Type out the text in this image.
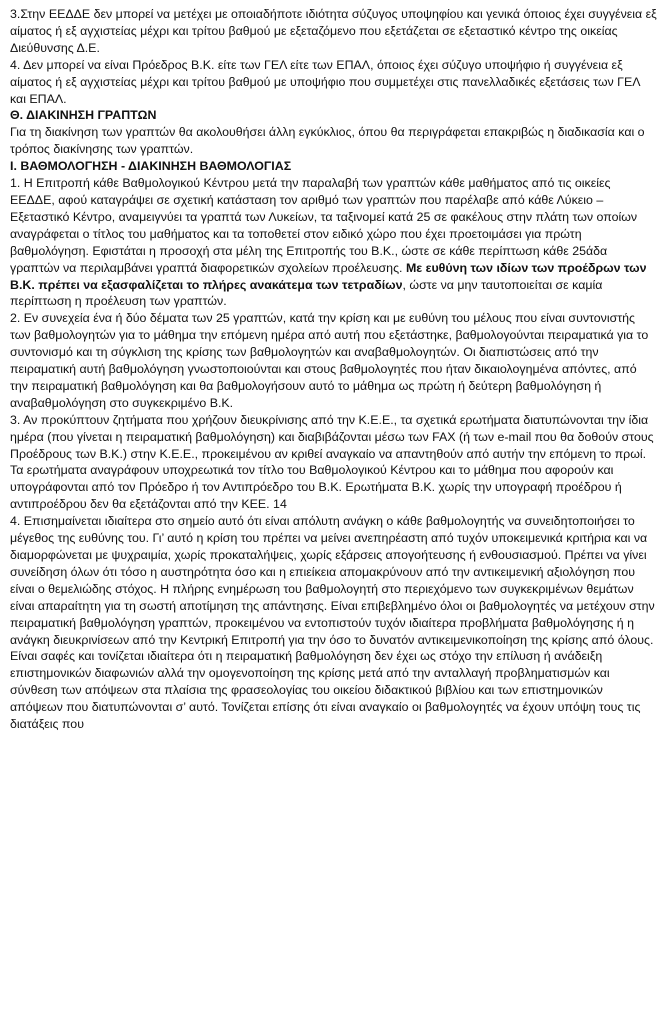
3.Στην ΕΕΔΔΕ δεν μπορεί να μετέχει με οποιαδήποτε ιδιότητα σύζυγος υποψηφίου και γενικά όποιος έχει συγγένεια εξ αίματος ή εξ αγχιστείας μέχρι και τρίτου βαθμού με εξεταζόμενο που εξετάζεται σε εξεταστικό κέντρο της οικείας Διεύθυνσης Δ.Ε.

4. Δεν μπορεί να είναι Πρόεδρος Β.Κ. είτε των ΓΕΛ είτε των ΕΠΑΛ, όποιος έχει σύζυγο υποψήφιο ή συγγένεια εξ αίματος ή εξ αγχιστείας μέχρι και τρίτου βαθμού με υποψήφιο που συμμετέχει στις πανελλαδικές εξετάσεις των ΓΕΛ και ΕΠΑΛ.

Θ. ΔΙΑΚΙΝΗΣΗ ΓΡΑΠΤΩΝ

Για τη διακίνηση των γραπτών θα ακολουθήσει άλλη εγκύκλιος, όπου θα περιγράφεται επακριβώς η διαδικασία και ο τρόπος διακίνησης των γραπτών.

Ι. ΒΑΘΜΟΛΟΓΗΣΗ - ΔΙΑΚΙΝΗΣΗ ΒΑΘΜΟΛΟΓΙΑΣ

1. Η Επιτροπή κάθε Βαθμολογικού Κέντρου μετά την παραλαβή των γραπτών κάθε μαθήματος από τις οικείες ΕΕΔΔΕ, αφού καταγράψει σε σχετική κατάσταση τον αριθμό των γραπτών που παρέλαβε από κάθε Λύκειο – Εξεταστικό Κέντρο, αναμειγνύει τα γραπτά των Λυκείων, τα ταξινομεί κατά 25 σε φακέλους στην πλάτη των οποίων αναγράφεται ο τίτλος του μαθήματος και τα τοποθετεί στον ειδικό χώρο που έχει προετοιμάσει για πρώτη βαθμολόγηση. Εφιστάται η προσοχή στα μέλη της Επιτροπής του Β.Κ., ώστε σε κάθε περίπτωση κάθε 25άδα γραπτών να περιλαμβάνει γραπτά διαφορετικών σχολείων προέλευσης. Με ευθύνη των ιδίων των προέδρων των Β.Κ. πρέπει να εξασφαλίζεται το πλήρες ανακάτεμα των τετραδίων, ώστε να μην ταυτοποιείται σε καμία περίπτωση η προέλευση των γραπτών.

2. Εν συνεχεία ένα ή δύο δέματα των 25 γραπτών, κατά την κρίση και με ευθύνη του μέλους που είναι συντονιστής των βαθμολογητών για το μάθημα την επόμενη ημέρα από αυτή που εξετάστηκε, βαθμολογούνται πειραματικά για το συντονισμό και τη σύγκλιση της κρίσης των βαθμολογητών και αναβαθμολογητών. Οι διαπιστώσεις από την πειραματική αυτή βαθμολόγηση γνωστοποιούνται και στους βαθμολογητές που ήταν δικαιολογημένα απόντες, από την πειραματική βαθμολόγηση και θα βαθμολογήσουν αυτό το μάθημα ως πρώτη ή δεύτερη βαθμολόγηση ή αναβαθμολόγηση στο συγκεκριμένο Β.Κ.

3. Αν προκύπτουν ζητήματα που χρήζουν διευκρίνισης από την Κ.Ε.Ε., τα σχετικά ερωτήματα διατυπώνονται την ίδια ημέρα (που γίνεται η πειραματική βαθμολόγηση) και διαβιβάζονται μέσω των FAX (ή των e-mail που θα δοθούν στους Προέδρους των Β.Κ.) στην Κ.Ε.Ε., προκειμένου αν κριθεί αναγκαίο να απαντηθούν από αυτήν την επόμενη το πρωί. Τα ερωτήματα αναγράφουν υποχρεωτικά τον τίτλο του Βαθμολογικού Κέντρου και το μάθημα που αφορούν και υπογράφονται από τον Πρόεδρο ή τον Αντιπρόεδρο του Β.Κ. Ερωτήματα Β.Κ. χωρίς την υπογραφή προέδρου ή αντιπροέδρου δεν θα εξετάζονται από την ΚΕΕ. 14

4. Επισημαίνεται ιδιαίτερα στο σημείο αυτό ότι είναι απόλυτη ανάγκη ο κάθε βαθμολογητής να συνειδητοποιήσει το μέγεθος της ευθύνης του. Γι’ αυτό η κρίση του πρέπει να μείνει ανεπηρέαστη από τυχόν υποκειμενικά κριτήρια και να διαμορφώνεται με ψυχραιμία, χωρίς προκαταλήψεις, χωρίς εξάρσεις απογοήτευσης ή ενθουσιασμού. Πρέπει να γίνει συνείδηση όλων ότι τόσο η αυστηρότητα όσο και η επιείκεια απομακρύνουν από την αντικειμενική αξιολόγηση που είναι ο θεμελιώδης στόχος. Η πλήρης ενημέρωση του βαθμολογητή στο περιεχόμενο των συγκεκριμένων θεμάτων είναι απαραίτητη για τη σωστή αποτίμηση της απάντησης. Είναι επιβεβλημένο όλοι οι βαθμολογητές να μετέχουν στην πειραματική βαθμολόγηση γραπτών, προκειμένου να εντοπιστούν τυχόν ιδιαίτερα προβλήματα βαθμολόγησης ή η ανάγκη διευκρινίσεων από την Κεντρική Επιτροπή για την όσο το δυνατόν αντικειμενικοποίηση της κρίσης από όλους. Είναι σαφές και τονίζεται ιδιαίτερα ότι η πειραματική βαθμολόγηση δεν έχει ως στόχο την επίλυση ή ανάδειξη επιστημονικών διαφωνιών αλλά την ομογενοποίηση της κρίσης μετά από την ανταλλαγή προβληματισμών και σύνθεση των απόψεων στα πλαίσια της φρασεολογίας του οικείου διδακτικού βιβλίου και των επιστημονικών απόψεων που διατυπώνονται σ’ αυτό. Τονίζεται επίσης ότι είναι αναγκαίο οι βαθμολογητές να έχουν υπόψη τους τις διατάξεις που
